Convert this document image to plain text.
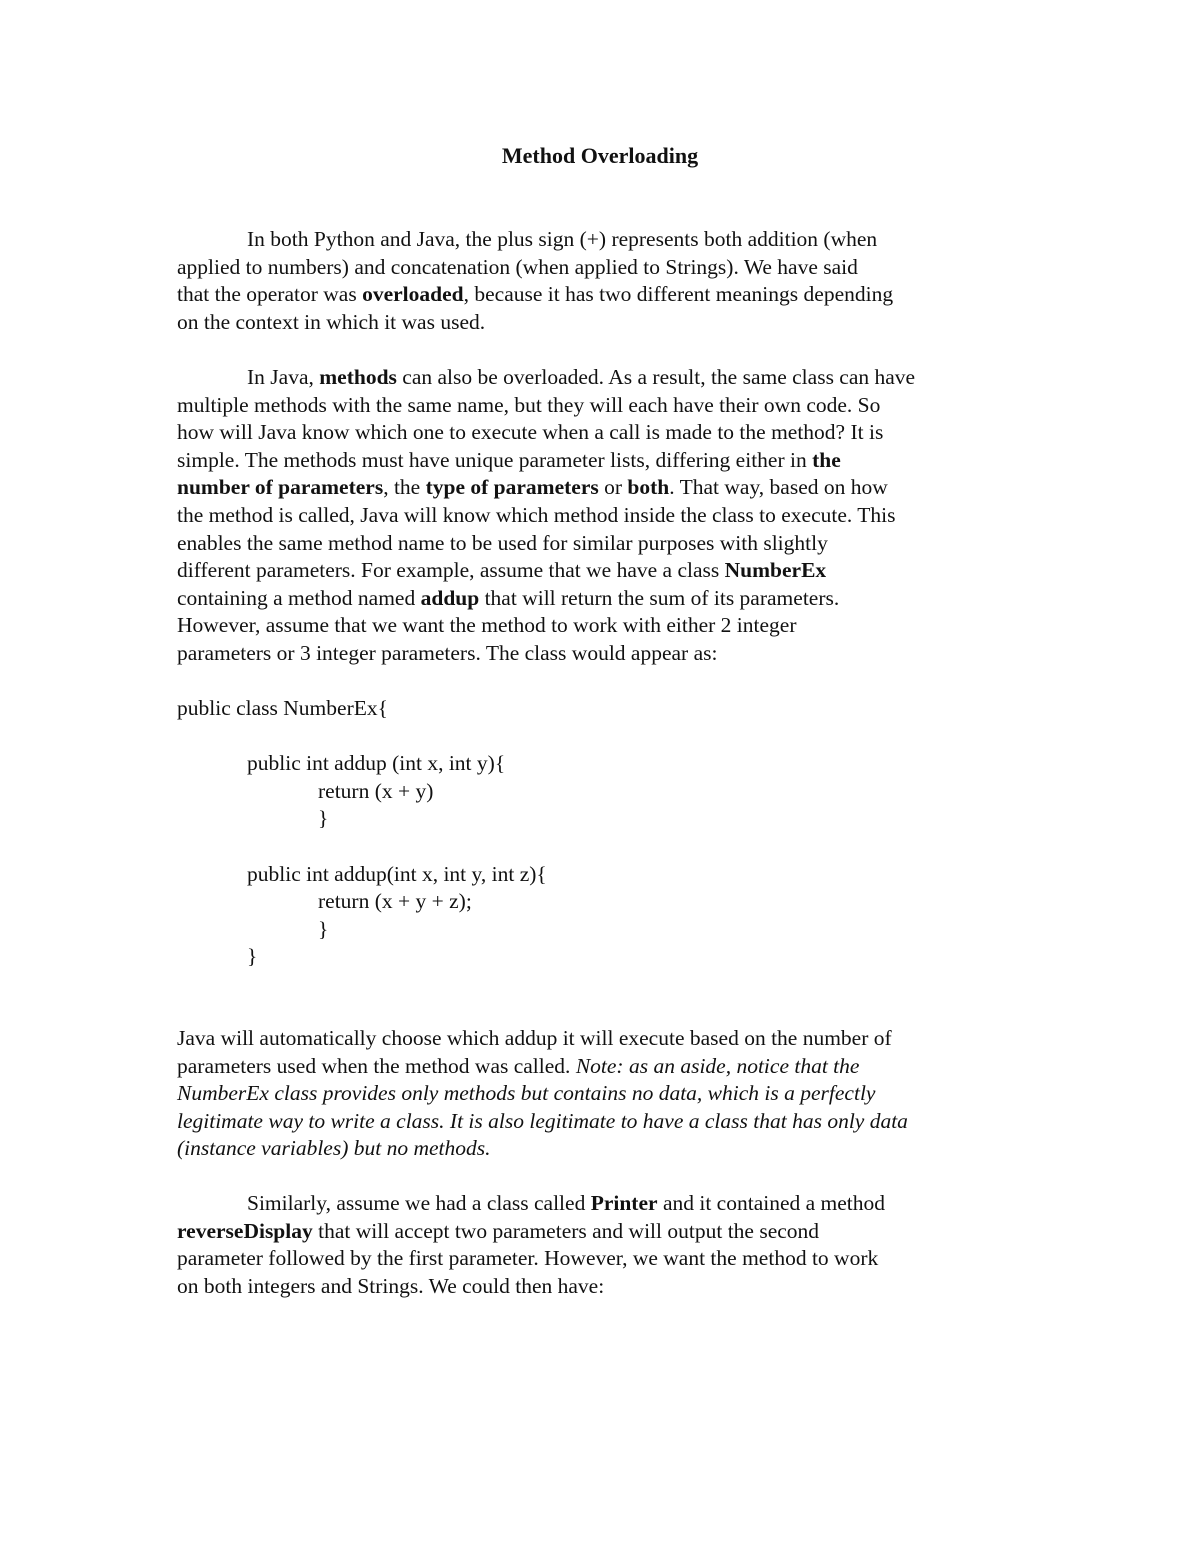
Method Overloading
In both Python and Java, the plus sign (+) represents both addition (when
applied to numbers) and concatenation (when applied to Strings). We have said
that the operator was overloaded, because it has two different meanings depending
on the context in which it was used.
In Java, methods can also be overloaded. As a result, the same class can have
multiple methods with the same name, but they will each have their own code. So
how will Java know which one to execute when a call is made to the method? It is
simple. The methods must have unique parameter lists, differing either in the
number of parameters, the type of parameters or both. That way, based on how
the method is called, Java will know which method inside the class to execute. This
enables the same method name to be used for similar purposes with slightly
different parameters. For example, assume that we have a class NumberEx
containing a method named addup that will return the sum of its parameters.
However, assume that we want the method to work with either 2 integer
parameters or 3 integer parameters. The class would appear as:
public class NumberEx{

public int addup (int x, int y){
return (x + y)
}

public int addup(int x, int y, int z){
return (x + y + z);
}
}
Java will automatically choose which addup it will execute based on the number of
parameters used when the method was called. Note: as an aside, notice that the
NumberEx class provides only methods but contains no data, which is a perfectly
legitimate way to write a class. It is also legitimate to have a class that has only data
(instance variables) but no methods.
Similarly, assume we had a class called Printer and it contained a method
reverseDisplay that will accept two parameters and will output the second
parameter followed by the first parameter. However, we want the method to work
on both integers and Strings. We could then have:
